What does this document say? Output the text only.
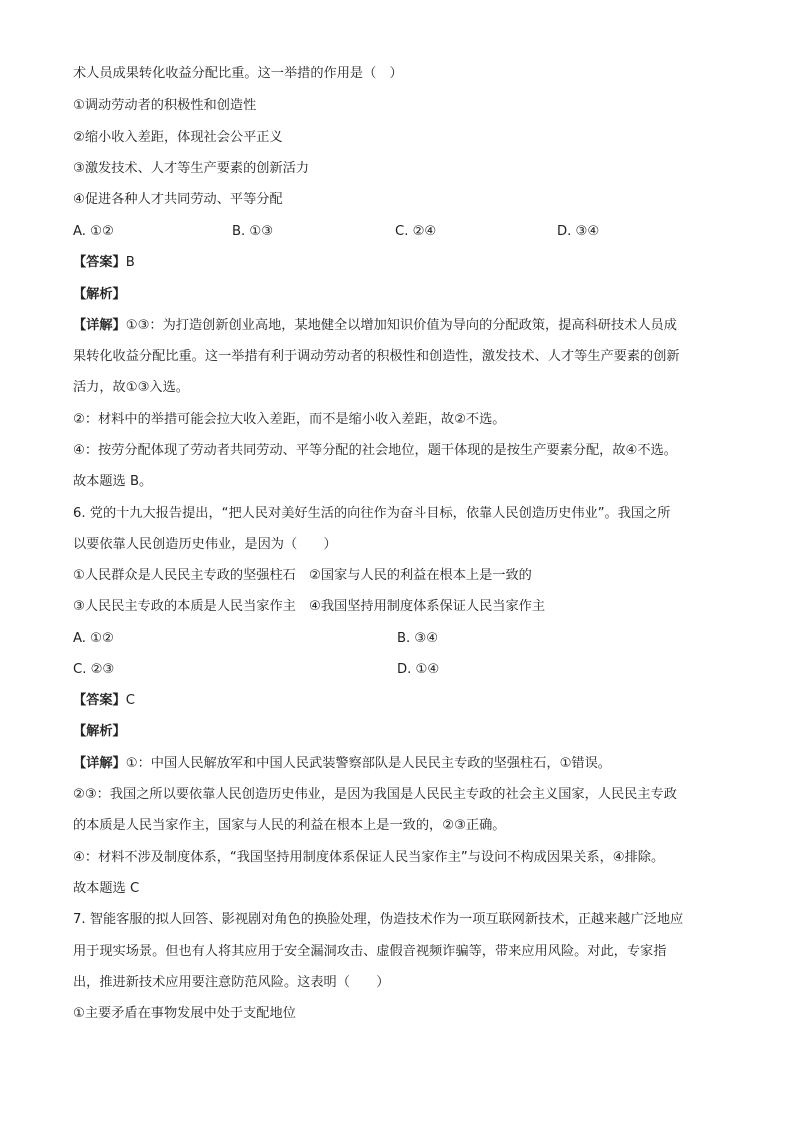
术人员成果转化收益分配比重。这一举措的作用是（　）
①调动劳动者的积极性和创造性
②缩小收入差距，体现社会公平正义
③激发技术、人才等生产要素的创新活力
④促进各种人才共同劳动、平等分配
A. ①②	B. ①③	C. ②④	D. ③④
【答案】B
【解析】
【详解】①③：为打造创新创业高地，某地健全以增加知识价值为导向的分配政策，提高科研技术人员成
果转化收益分配比重。这一举措有利于调动劳动者的积极性和创造性，激发技术、人才等生产要素的创新
活力，故①③入选。
②：材料中的举措可能会拉大收入差距，而不是缩小收入差距，故②不选。
④：按劳分配体现了劳动者共同劳动、平等分配的社会地位，题干体现的是按生产要素分配，故④不选。
故本题选 B。
6. 党的十九大报告提出，“把人民对美好生活的向往作为奋斗目标，依靠人民创造历史伟业”。我国之所
以要依靠人民创造历史伟业，是因为（　　）
①人民群众是人民民主专政的坚强柱石　②国家与人民的利益在根本上是一致的
③人民民主专政的本质是人民当家作主　④我国坚持用制度体系保证人民当家作主
A. ①②	B. ③④
C. ②③	D. ①④
【答案】C
【解析】
【详解】①：中国人民解放军和中国人民武装警察部队是人民民主专政的坚强柱石，①错误。
②③：我国之所以要依靠人民创造历史伟业，是因为我国是人民民主专政的社会主义国家，人民民主专政
的本质是人民当家作主，国家与人民的利益在根本上是一致的，②③正确。
④：材料不涉及制度体系，“我国坚持用制度体系保证人民当家作主”与设问不构成因果关系，④排除。
故本题选 C
7. 智能客服的拟人回答、影视剧对角色的换脸处理，伪造技术作为一项互联网新技术，正越来越广泛地应
用于现实场景。但也有人将其应用于安全漏洞攻击、虚假音视频诈骗等，带来应用风险。对此，专家指
出，推进新技术应用要注意防范风险。这表明（　　）
①主要矛盾在事物发展中处于支配地位
